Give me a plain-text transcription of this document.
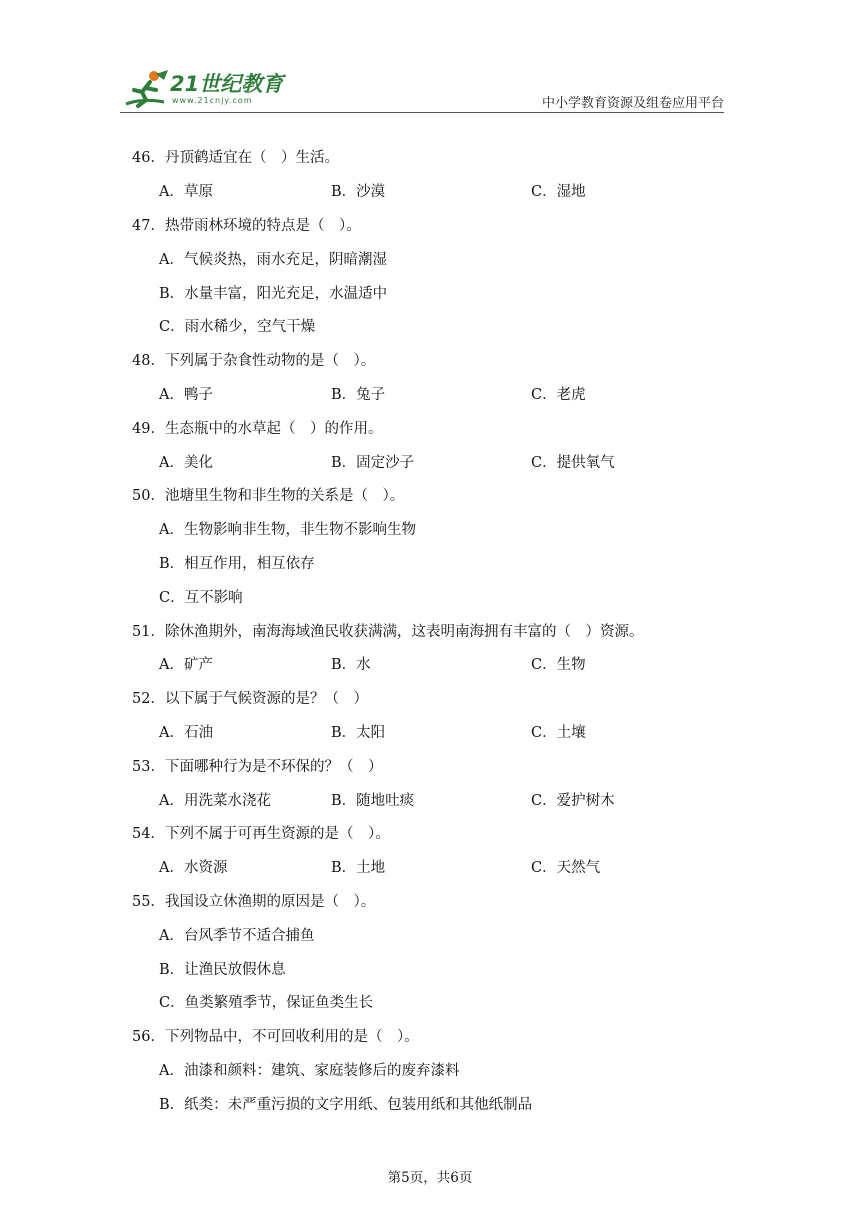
21世纪教育
www.21cnjy.com	中小学教育资源及组卷应用平台
46．丹顶鹤适宜在（　）生活。
A．草原	B．沙漠	C．湿地
47．热带雨林环境的特点是（　）。
A．气候炎热，雨水充足，阴暗潮湿
B．水量丰富，阳光充足，水温适中
C．雨水稀少，空气干燥
48．下列属于杂食性动物的是（　）。
A．鸭子	B．兔子	C．老虎
49．生态瓶中的水草起（　）的作用。
A．美化	B．固定沙子	C．提供氧气
50．池塘里生物和非生物的关系是（　）。
A．生物影响非生物，非生物不影响生物
B．相互作用，相互依存
C．互不影响
51．除休渔期外，南海海域渔民收获满满，这表明南海拥有丰富的（　）资源。
A．矿产	B．水	C．生物
52．以下属于气候资源的是？（　）
A．石油	B．太阳	C．土壤
53．下面哪种行为是不环保的？（　）
A．用洗菜水浇花	B．随地吐痰	C．爱护树木
54．下列不属于可再生资源的是（　）。
A．水资源	B．土地	C．天然气
55．我国设立休渔期的原因是（　）。
A．台风季节不适合捕鱼
B．让渔民放假休息
C．鱼类繁殖季节，保证鱼类生长
56．下列物品中，不可回收利用的是（　）。
A．油漆和颜料：建筑、家庭装修后的废弃漆料
B．纸类：未严重污损的文字用纸、包装用纸和其他纸制品
第5页，共6页
